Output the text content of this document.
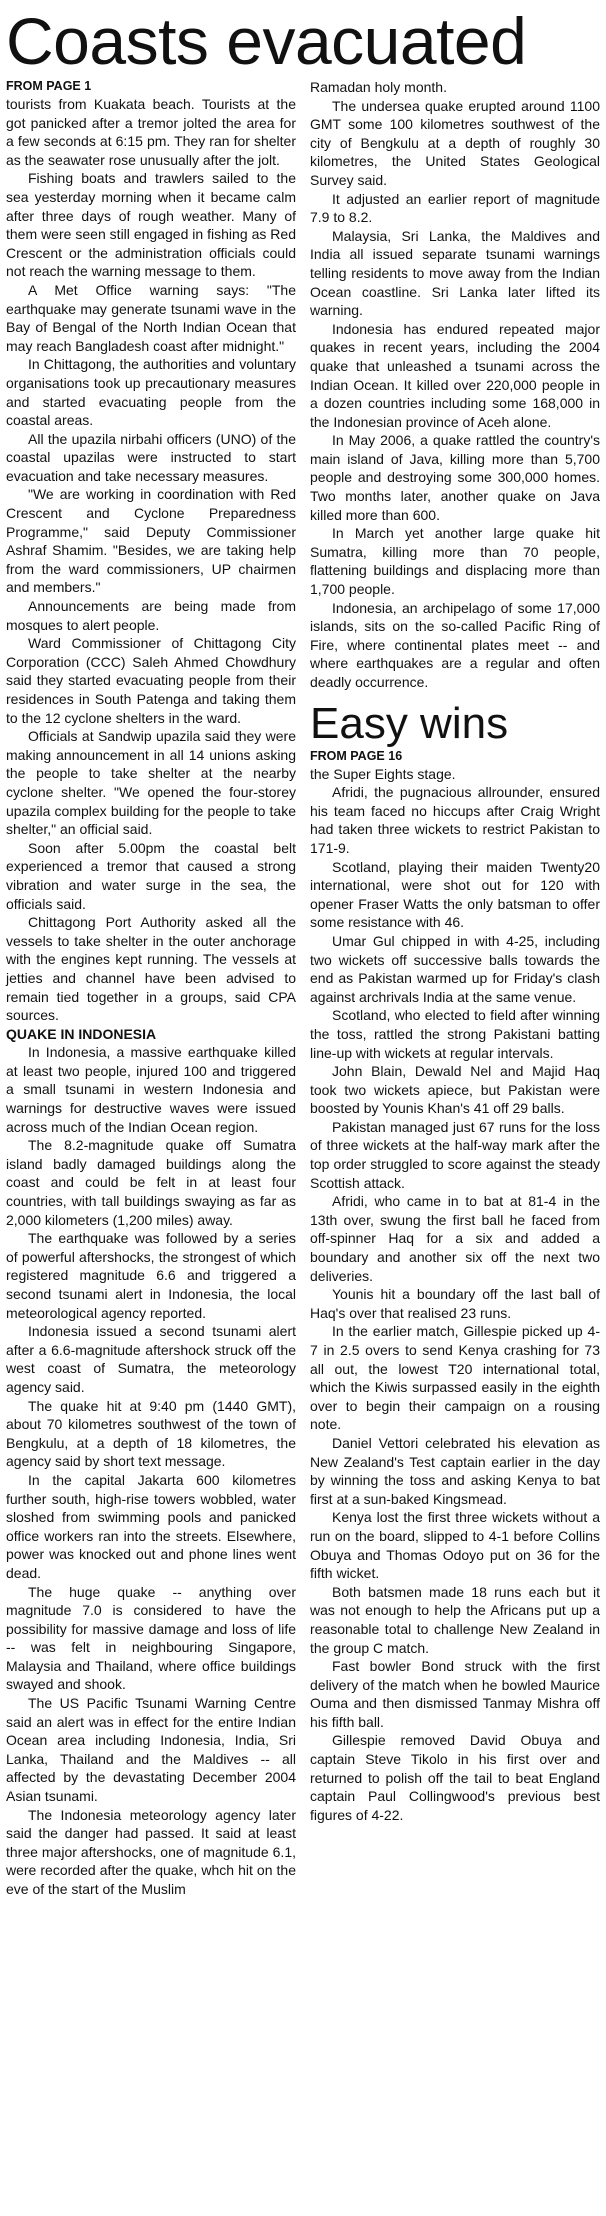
Coasts evacuated

FROM PAGE 1

tourists from Kuakata beach. Tourists at the got panicked after a tremor jolted the area for a few seconds at 6:15 pm. They ran for shelter as the seawater rose unusually after the jolt.

Fishing boats and trawlers sailed to the sea yesterday morning when it became calm after three days of rough weather. Many of them were seen still engaged in fishing as Red Crescent or the administration officials could not reach the warning message to them.

A Met Office warning says: "The earthquake may generate tsunami wave in the Bay of Bengal of the North Indian Ocean that may reach Bangladesh coast after midnight."

In Chittagong, the authorities and voluntary organisations took up precautionary measures and started evacuating people from the coastal areas.

All the upazila nirbahi officers (UNO) of the coastal upazilas were instructed to start evacuation and take necessary measures.

"We are working in coordination with Red Crescent and Cyclone Preparedness Programme," said Deputy Commissioner Ashraf Shamim. "Besides, we are taking help from the ward commissioners, UP chairmen and members."

Announcements are being made from mosques to alert people.

Ward Commissioner of Chittagong City Corporation (CCC) Saleh Ahmed Chowdhury said they started evacuating people from their residences in South Patenga and taking them to the 12 cyclone shelters in the ward.

Officials at Sandwip upazila said they were making announcement in all 14 unions asking the people to take shelter at the nearby cyclone shelter. "We opened the four-storey upazila complex building for the people to take shelter," an official said.

Soon after 5.00pm the coastal belt experienced a tremor that caused a strong vibration and water surge in the sea, the officials said.

Chittagong Port Authority asked all the vessels to take shelter in the outer anchorage with the engines kept running. The vessels at jetties and channel have been advised to remain tied together in a groups, said CPA sources.

QUAKE IN INDONESIA

In Indonesia, a massive earthquake killed at least two people, injured 100 and triggered a small tsunami in western Indonesia and warnings for destructive waves were issued across much of the Indian Ocean region.

The 8.2-magnitude quake off Sumatra island badly damaged buildings along the coast and could be felt in at least four countries, with tall buildings swaying as far as 2,000 kilometers (1,200 miles) away.

The earthquake was followed by a series of powerful aftershocks, the strongest of which registered magnitude 6.6 and triggered a second tsunami alert in Indonesia, the local meteorological agency reported.

Indonesia issued a second tsunami alert after a 6.6-magnitude aftershock struck off the west coast of Sumatra, the meteorology agency said.

The quake hit at 9:40 pm (1440 GMT), about 70 kilometres southwest of the town of Bengkulu, at a depth of 18 kilometres, the agency said by short text message.

In the capital Jakarta 600 kilometres further south, high-rise towers wobbled, water sloshed from swimming pools and panicked office workers ran into the streets. Elsewhere, power was knocked out and phone lines went dead.

The huge quake -- anything over magnitude 7.0 is considered to have the possibility for massive damage and loss of life -- was felt in neighbouring Singapore, Malaysia and Thailand, where office buildings swayed and shook.

The US Pacific Tsunami Warning Centre said an alert was in effect for the entire Indian Ocean area including Indonesia, India, Sri Lanka, Thailand and the Maldives -- all affected by the devastating December 2004 Asian tsunami.

The Indonesia meteorology agency later said the danger had passed. It said at least three major aftershocks, one of magnitude 6.1, were recorded after the quake, whch hit on the eve of the start of the Muslim

Ramadan holy month.

The undersea quake erupted around 1100 GMT some 100 kilometres southwest of the city of Bengkulu at a depth of roughly 30 kilometres, the United States Geological Survey said.

It adjusted an earlier report of magnitude 7.9 to 8.2.

Malaysia, Sri Lanka, the Maldives and India all issued separate tsunami warnings telling residents to move away from the Indian Ocean coastline. Sri Lanka later lifted its warning.

Indonesia has endured repeated major quakes in recent years, including the 2004 quake that unleashed a tsunami across the Indian Ocean. It killed over 220,000 people in a dozen countries including some 168,000 in the Indonesian province of Aceh alone.

In May 2006, a quake rattled the country's main island of Java, killing more than 5,700 people and destroying some 300,000 homes. Two months later, another quake on Java killed more than 600.

In March yet another large quake hit Sumatra, killing more than 70 people, flattening buildings and displacing more than 1,700 people.

Indonesia, an archipelago of some 17,000 islands, sits on the so-called Pacific Ring of Fire, where continental plates meet -- and where earthquakes are a regular and often deadly occurrence.

Easy wins

FROM PAGE 16

the Super Eights stage.

Afridi, the pugnacious allrounder, ensured his team faced no hiccups after Craig Wright had taken three wickets to restrict Pakistan to 171-9.

Scotland, playing their maiden Twenty20 international, were shot out for 120 with opener Fraser Watts the only batsman to offer some resistance with 46.

Umar Gul chipped in with 4-25, including two wickets off successive balls towards the end as Pakistan warmed up for Friday's clash against archrivals India at the same venue.

Scotland, who elected to field after winning the toss, rattled the strong Pakistani batting line-up with wickets at regular intervals.

John Blain, Dewald Nel and Majid Haq took two wickets apiece, but Pakistan were boosted by Younis Khan's 41 off 29 balls.

Pakistan managed just 67 runs for the loss of three wickets at the half-way mark after the top order struggled to score against the steady Scottish attack.

Afridi, who came in to bat at 81-4 in the 13th over, swung the first ball he faced from off-spinner Haq for a six and added a boundary and another six off the next two deliveries.

Younis hit a boundary off the last ball of Haq's over that realised 23 runs.

In the earlier match, Gillespie picked up 4-7 in 2.5 overs to send Kenya crashing for 73 all out, the lowest T20 international total, which the Kiwis surpassed easily in the eighth over to begin their campaign on a rousing note.

Daniel Vettori celebrated his elevation as New Zealand's Test captain earlier in the day by winning the toss and asking Kenya to bat first at a sun-baked Kingsmead.

Kenya lost the first three wickets without a run on the board, slipped to 4-1 before Collins Obuya and Thomas Odoyo put on 36 for the fifth wicket.

Both batsmen made 18 runs each but it was not enough to help the Africans put up a reasonable total to challenge New Zealand in the group C match.

Fast bowler Bond struck with the first delivery of the match when he bowled Maurice Ouma and then dismissed Tanmay Mishra off his fifth ball.

Gillespie removed David Obuya and captain Steve Tikolo in his first over and returned to polish off the tail to beat England captain Paul Collingwood's previous best figures of 4-22.
